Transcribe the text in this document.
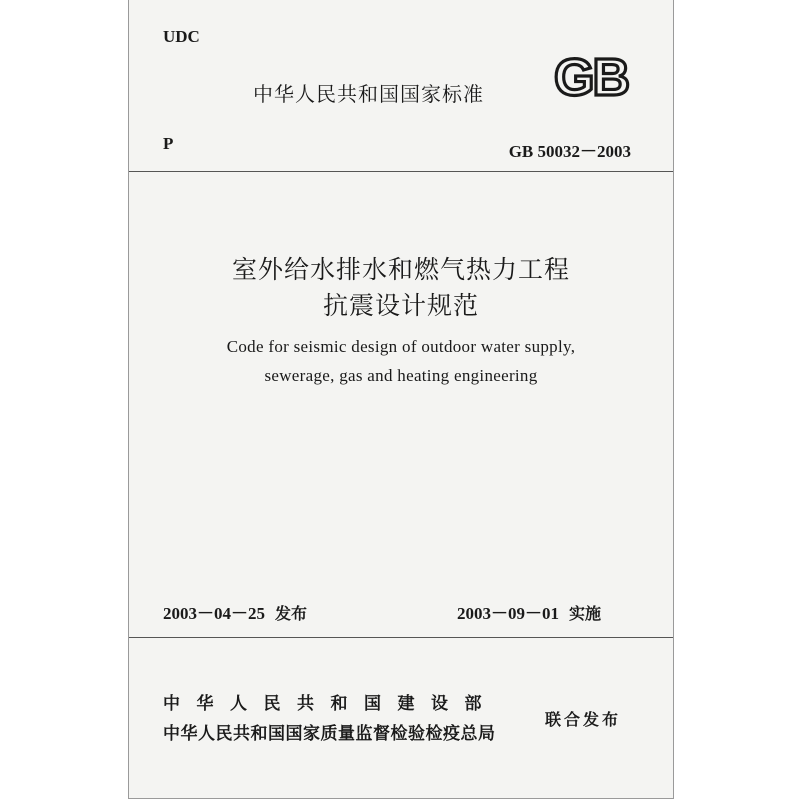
UDC
中华人民共和国国家标准 GB
P	GB 50032－2003
室外给水排水和燃气热力工程
抗震设计规范
Code for seismic design of outdoor water supply,
sewerage, gas and heating engineering
2003－04－25 发布	2003－09－01 实施
中华人民共和国建设部
中华人民共和国国家质量监督检验检疫总局
联合发布
